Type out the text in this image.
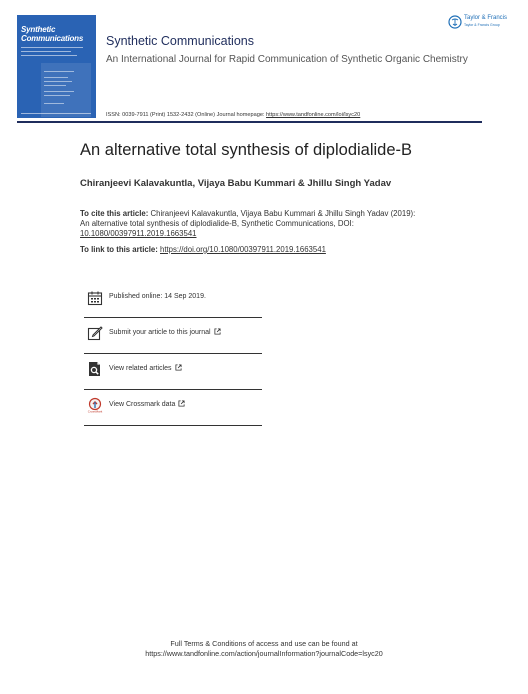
Synthetic
Communications Synthetic Communications
An International Journal for Rapid Communication of Synthetic Organic Chemistry
ISSN: 0039-7911 (Print) 1532-2432 (Online) Journal homepage: https://www.tandfonline.com/loi/lsyc20
Taylor & Francis
Taylor & Francis Group
An alternative total synthesis of diplodialide-B
Chiranjeevi Kalavakuntla, Vijaya Babu Kummari & Jhillu Singh Yadav
To cite this article: Chiranjeevi Kalavakuntla, Vijaya Babu Kummari & Jhillu Singh Yadav (2019): An alternative total synthesis of diplodialide-B, Synthetic Communications, DOI: 10.1080/00397911.2019.1663541
To link to this article: https://doi.org/10.1080/00397911.2019.1663541
Published online: 14 Sep 2019.
Submit your article to this journal
View related articles
CrossMark
View Crossmark data
Full Terms & Conditions of access and use can be found at
https://www.tandfonline.com/action/journalInformation?journalCode=lsyc20
